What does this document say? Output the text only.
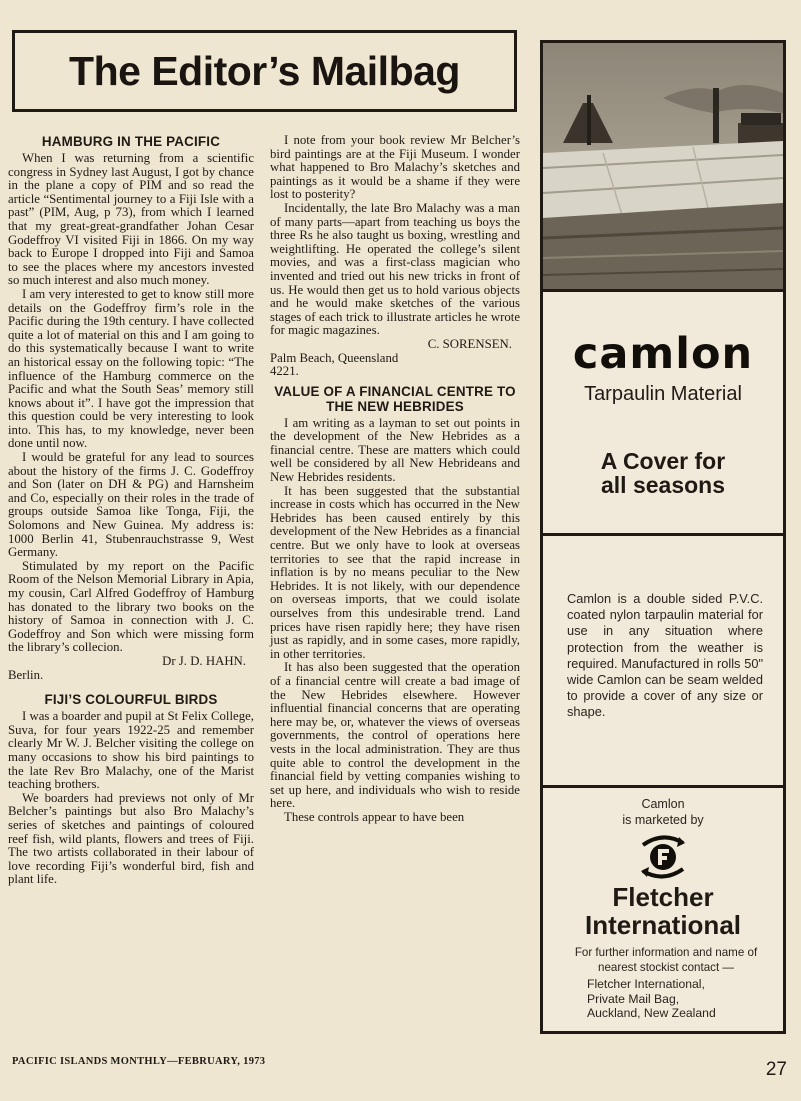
The Editor’s Mailbag
HAMBURG IN THE PACIFIC

When I was returning from a scientific congress in Sydney last August, I got by chance in the plane a copy of PIM and so read the article “Sentimental journey to a Fiji Isle with a past” (PIM, Aug, p 73), from which I learned that my great-great-grandfather Johan Cesar Godeffroy VI visited Fiji in 1866. On my way back to Europe I dropped into Fiji and Samoa to see the places where my ancestors invested so much interest and also much money.

I am very interested to get to know still more details on the Godeffroy firm’s role in the Pacific during the 19th century. I have collected quite a lot of material on this and I am going to do this systematically because I want to write an historical essay on the following topic: “The influence of the Hamburg commerce on the Pacific and what the South Seas’ memory still knows about it”. I have got the impression that this question could be very interesting to look into. This has, to my knowledge, never been done until now.

I would be grateful for any lead to sources about the history of the firms J. C. Godeffroy and Son (later on DH & PG) and Harnsheim and Co, especially on their roles in the trade of groups outside Samoa like Tonga, Fiji, the Solomons and New Guinea. My address is: 1000 Berlin 41, Stubenrauchstrasse 9, West Germany.

Stimulated by my report on the Pacific Room of the Nelson Memorial Library in Apia, my cousin, Carl Alfred Godeffroy of Hamburg has donated to the library two books on the history of Samoa in connection with J. C. Godeffroy and Son which were missing form the library’s collecion.

Dr J. D. HAHN.

Berlin.

FIJI’S COLOURFUL BIRDS

I was a boarder and pupil at St Felix College, Suva, for four years 1922-25 and remember clearly Mr W. J. Belcher visiting the college on many occasions to show his bird paintings to the late Rev Bro Malachy, one of the Marist teaching brothers.

We boarders had previews not only of Mr Belcher’s paintings but also Bro Malachy’s series of sketches and paintings of coloured reef fish, wild plants, flowers and trees of Fiji. The two artists collaborated in their labour of love recording Fiji’s wonderful bird, fish and plant life.

I note from your book review Mr Belcher’s bird paintings are at the Fiji Museum. I wonder what happened to Bro Malachy’s sketches and paintings as it would be a shame if they were lost to posterity?

Incidentally, the late Bro Malachy was a man of many parts—apart from teaching us boys the three Rs he also taught us boxing, wrestling and weightlifting. He operated the college’s silent movies, and was a first-class magician who invented and tried out his new tricks in front of us. He would then get us to hold various objects and he would make sketches of the various stages of each trick to illustrate articles he wrote for magic magazines.

C. SORENSEN.

Palm Beach, Queensland 4221.

VALUE OF A FINANCIAL CENTRE TO THE NEW HEBRIDES

I am writing as a layman to set out points in the development of the New Hebrides as a financial centre. These are matters which could well be considered by all New Hebrideans and New Hebrides residents.

It has been suggested that the substantial increase in costs which has occurred in the New Hebrides has been caused entirely by this development of the New Hebrides as a financial centre. But we only have to look at overseas territories to see that the rapid increase in inflation is by no means peculiar to the New Hebrides. It is not likely, with our dependence on overseas imports, that we could isolate ourselves from this undesirable trend. Land prices have risen rapidly here; they have risen just as rapidly, and in some cases, more rapidly, in other territories.

It has also been suggested that the operation of a financial centre will create a bad image of the New Hebrides elsewhere. However influential financial concerns that are operating here may be, or, whatever the views of overseas governments, the control of operations here vests in the local administration. They are thus quite able to control the development in the financial field by vetting companies wishing to set up here, and individuals who wish to reside here.

These controls appear to have been

PACIFIC ISLANDS MONTHLY—FEBRUARY, 1973	27
camlon
Tarpaulin Material
A Cover for
all seasons
Camlon is a double sided P.V.C. coated nylon tarpaulin material for use in any situation where protection from the weather is required. Manufactured in rolls 50" wide Camlon can be seam welded to provide a cover of any size or shape.
Camlon
is marketed by
Fletcher
International
For further information and name of nearest stockist contact —
Fletcher International,
Private Mail Bag,
Auckland, New Zealand
